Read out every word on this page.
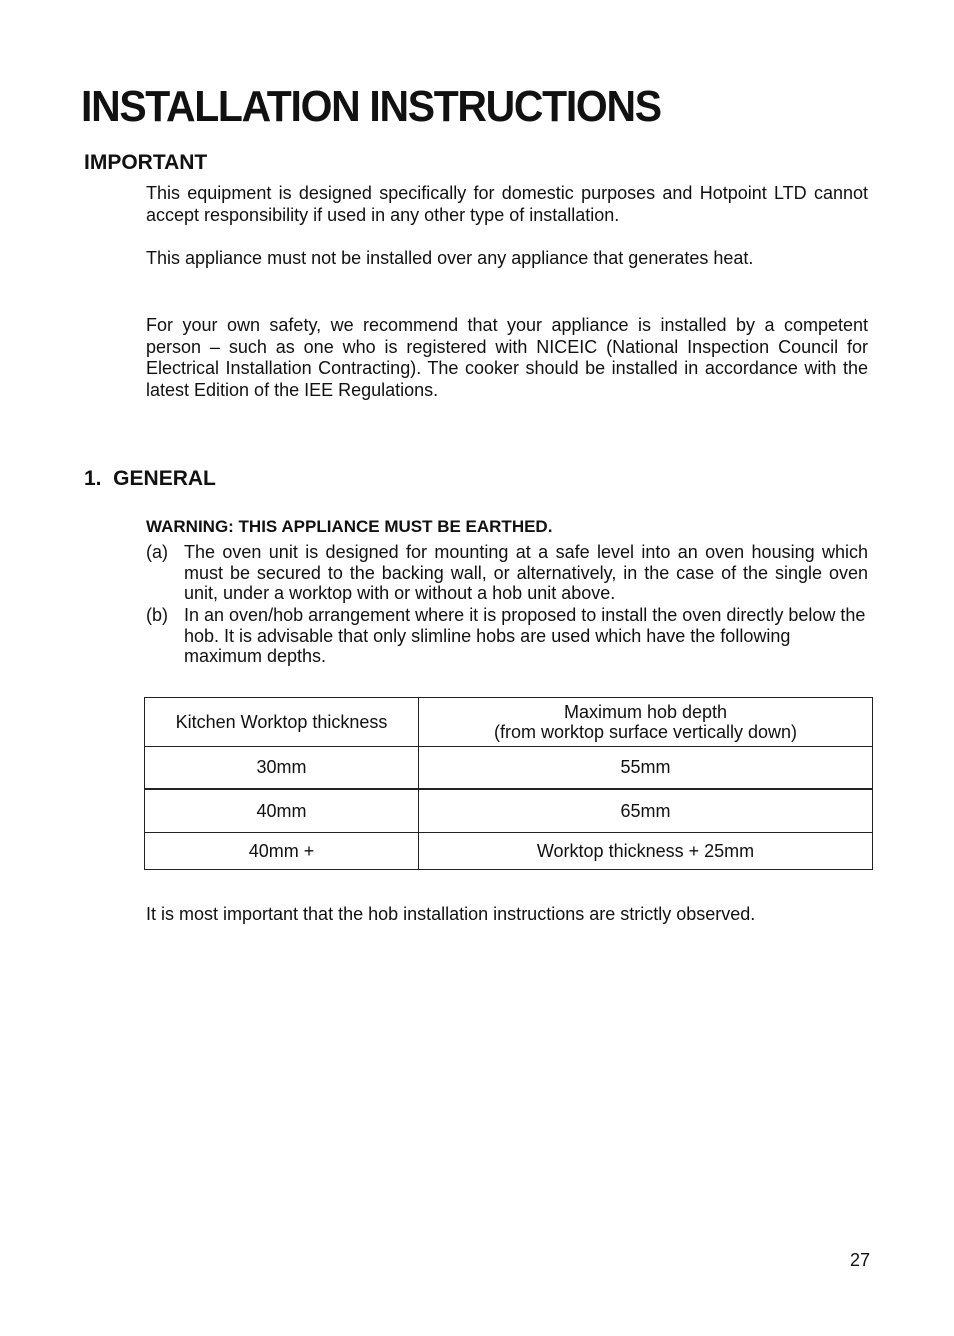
INSTALLATION INSTRUCTIONS
IMPORTANT

This equipment is designed specifically for domestic purposes and Hotpoint LTD cannot accept responsibility if used in any other type of installation.

This appliance must not be installed over any appliance that generates heat.

For your own safety, we recommend that your appliance is installed by a competent person – such as one who is registered with NICEIC (National Inspection Council for Electrical Installation Contracting). The cooker should be installed in accordance with the latest Edition of the IEE Regulations.

1.  GENERAL

WARNING: THIS APPLIANCE MUST BE EARTHED.

(a) The oven unit is designed for mounting at a safe level into an oven housing which must be secured to the backing wall, or alternatively, in the case of the single oven unit, under a worktop with or without a hob unit above.
(b) In an oven/hob arrangement where it is proposed to install the oven directly below the hob. It is advisable that only slimline hobs are used which have the following maximum depths.
Kitchen Worktop thickness	Maximum hob depth
(from worktop surface vertically down)

30mm	55mm
40mm	65mm
40mm +	Worktop thickness + 25mm

It is most important that the hob installation instructions are strictly observed.

27
